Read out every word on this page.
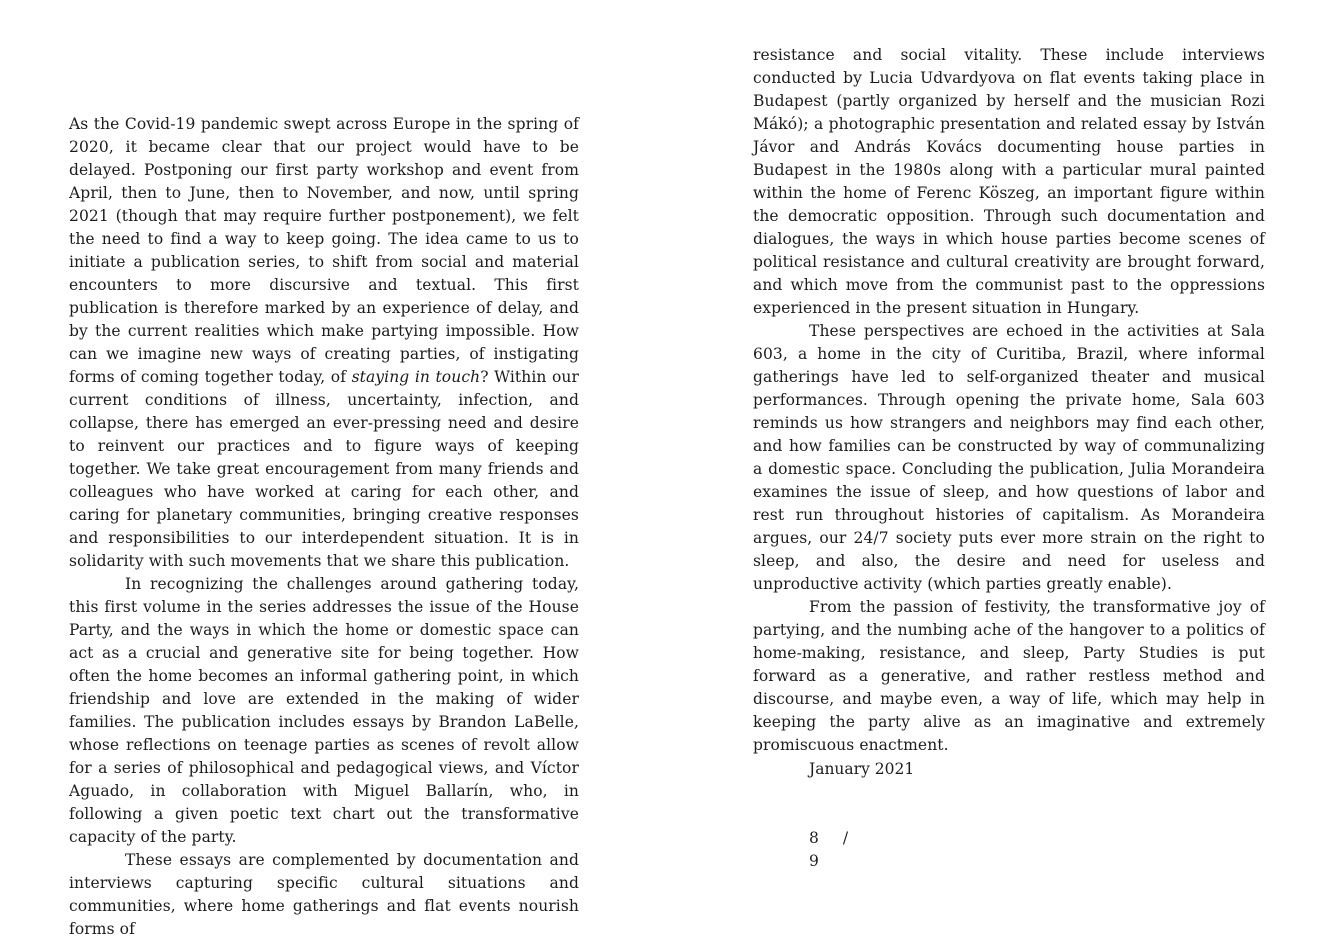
As the Covid-19 pandemic swept across Europe in the spring of 2020, it became clear that our project would have to be delayed. Postponing our first party workshop and event from April, then to June, then to November, and now, until spring 2021 (though that may require further postponement), we felt the need to find a way to keep going. The idea came to us to initiate a publication series, to shift from social and material encounters to more discursive and textual. This first publication is therefore marked by an experience of delay, and by the current realities which make partying impossible. How can we imagine new ways of creating parties, of instigating forms of coming together today, of staying in touch? Within our current conditions of illness, uncertainty, infection, and collapse, there has emerged an ever-pressing need and desire to reinvent our practices and to figure ways of keeping together. We take great encouragement from many friends and colleagues who have worked at caring for each other, and caring for planetary communities, bringing creative responses and responsibilities to our interdependent situation. It is in solidarity with such movements that we share this publication.

In recognizing the challenges around gathering today, this first volume in the series addresses the issue of the House Party, and the ways in which the home or domestic space can act as a crucial and generative site for being together. How often the home becomes an informal gathering point, in which friendship and love are extended in the making of wider families. The publication includes essays by Brandon LaBelle, whose reflections on teenage parties as scenes of revolt allow for a series of philosophical and pedagogical views, and Víctor Aguado, in collaboration with Miguel Ballarín, who, in following a given poetic text chart out the transformative capacity of the party.

These essays are complemented by documentation and interviews capturing specific cultural situations and communities, where home gatherings and flat events nourish forms of

resistance and social vitality. These include interviews conducted by Lucia Udvardyova on flat events taking place in Budapest (partly organized by herself and the musician Rozi Mákó); a photographic presentation and related essay by István Jávor and András Kovács documenting house parties in Budapest in the 1980s along with a particular mural painted within the home of Ferenc Köszeg, an important figure within the democratic opposition. Through such documentation and dialogues, the ways in which house parties become scenes of political resistance and cultural creativity are brought forward, and which move from the communist past to the oppressions experienced in the present situation in Hungary.

These perspectives are echoed in the activities at Sala 603, a home in the city of Curitiba, Brazil, where informal gatherings have led to self-organized theater and musical performances. Through opening the private home, Sala 603 reminds us how strangers and neighbors may find each other, and how families can be constructed by way of communalizing a domestic space. Concluding the publication, Julia Morandeira examines the issue of sleep, and how questions of labor and rest run throughout histories of capitalism. As Morandeira argues, our 24/7 society puts ever more strain on the right to sleep, and also, the desire and need for useless and unproductive activity (which parties greatly enable).

From the passion of festivity, the transformative joy of partying, and the numbing ache of the hangover to a politics of home-making, resistance, and sleep, Party Studies is put forward as a generative, and rather restless method and discourse, and maybe even, a way of life, which may help in keeping the party alive as an imaginative and extremely promiscuous enactment.

January 2021
8 /
9
